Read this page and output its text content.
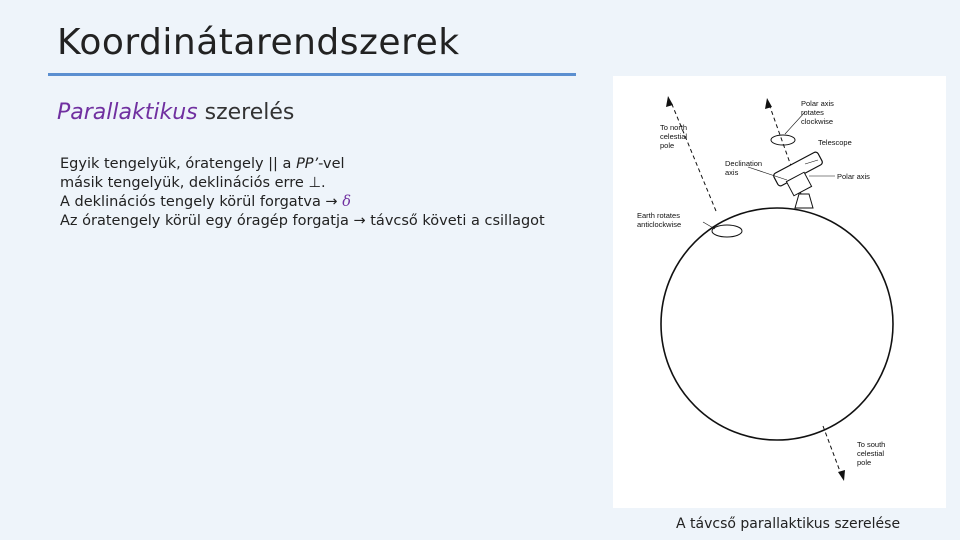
Koordinátarendszerek
Parallaktikus szerelés
Egyik tengelyük, óratengely || a PP’-vel
másik tengelyük, deklinációs erre ⊥.
A deklinációs tengely körül forgatva → δ
Az óratengely körül egy óragép forgatja → távcső követi a csillagot
To north
celestial
pole
Polar axis
rotates
clockwise
Telescope
Declination
axis	Polar axis
Earth rotates
anticlockwise
To south
celestial
pole
A távcső parallaktikus szerelése
